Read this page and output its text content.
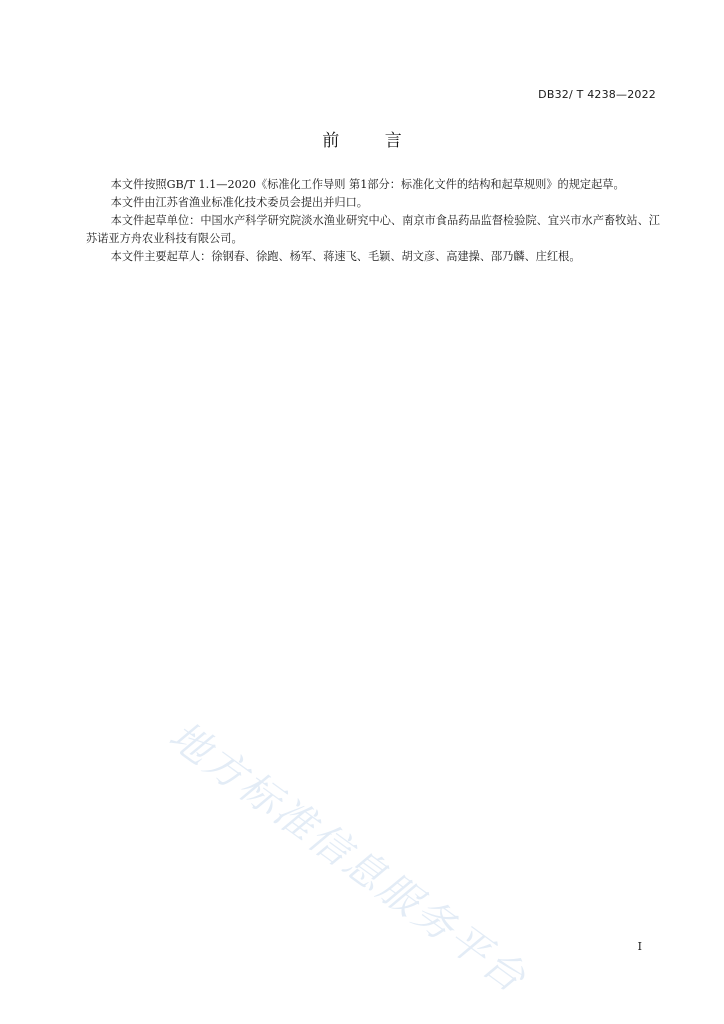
DB32/ T 4238—2022
前 言

本文件按照GB/T 1.1—2020《标准化工作导则 第1部分：标准化文件的结构和起草规则》的规定起草。

本文件由江苏省渔业标准化技术委员会提出并归口。

本文件起草单位：中国水产科学研究院淡水渔业研究中心、南京市食品药品监督检验院、宜兴市水产畜牧站、江苏诺亚方舟农业科技有限公司。

本文件主要起草人：徐钢春、徐跑、杨军、蒋速飞、毛颖、胡文彦、高建操、邵乃麟、庄红根。

地方标准信息服务平台	I
